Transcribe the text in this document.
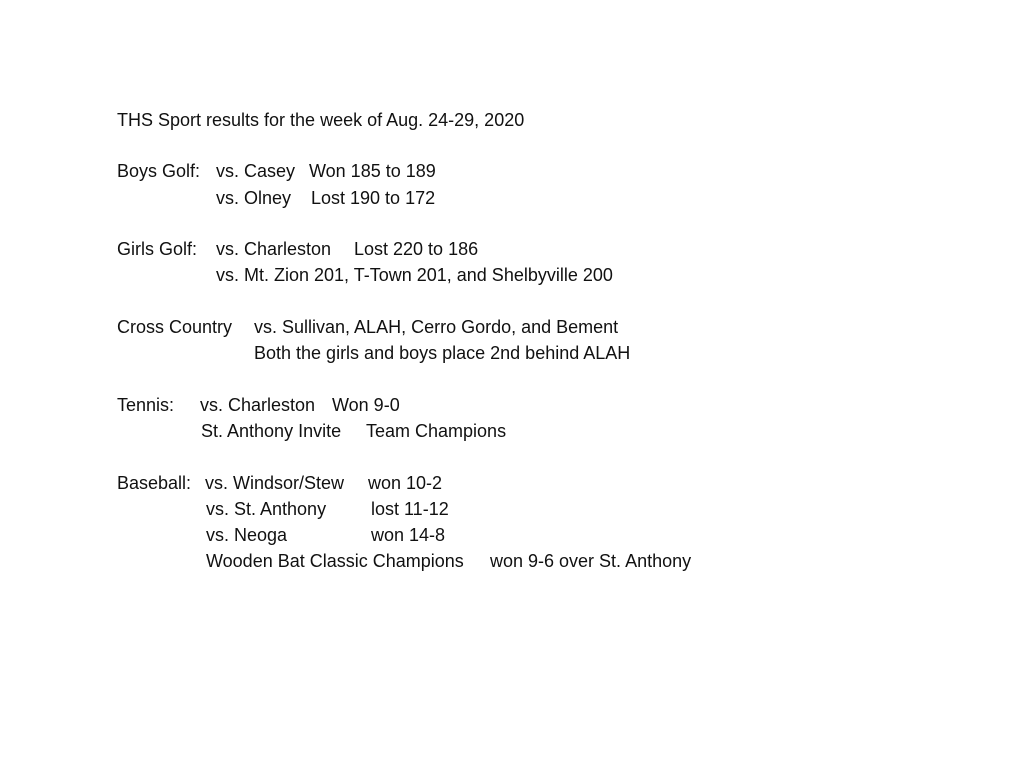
THS Sport results for the week of Aug. 24-29, 2020
Boys Golf: vs. Casey Won 185 to 189
vs. Olney Lost 190 to 172
Girls Golf: vs. Charleston Lost 220 to 186
vs. Mt. Zion 201, T-Town 201, and Shelbyville 200
Cross Country vs. Sullivan, ALAH, Cerro Gordo, and Bement
Both the girls and boys place 2nd behind ALAH
Tennis: vs. Charleston Won 9-0
St. Anthony Invite Team Champions
Baseball: vs. Windsor/Stew won 10-2
vs. St. Anthony lost 11-12
vs. Neoga	won 14-8
Wooden Bat Classic Champions won 9-6 over St. Anthony
